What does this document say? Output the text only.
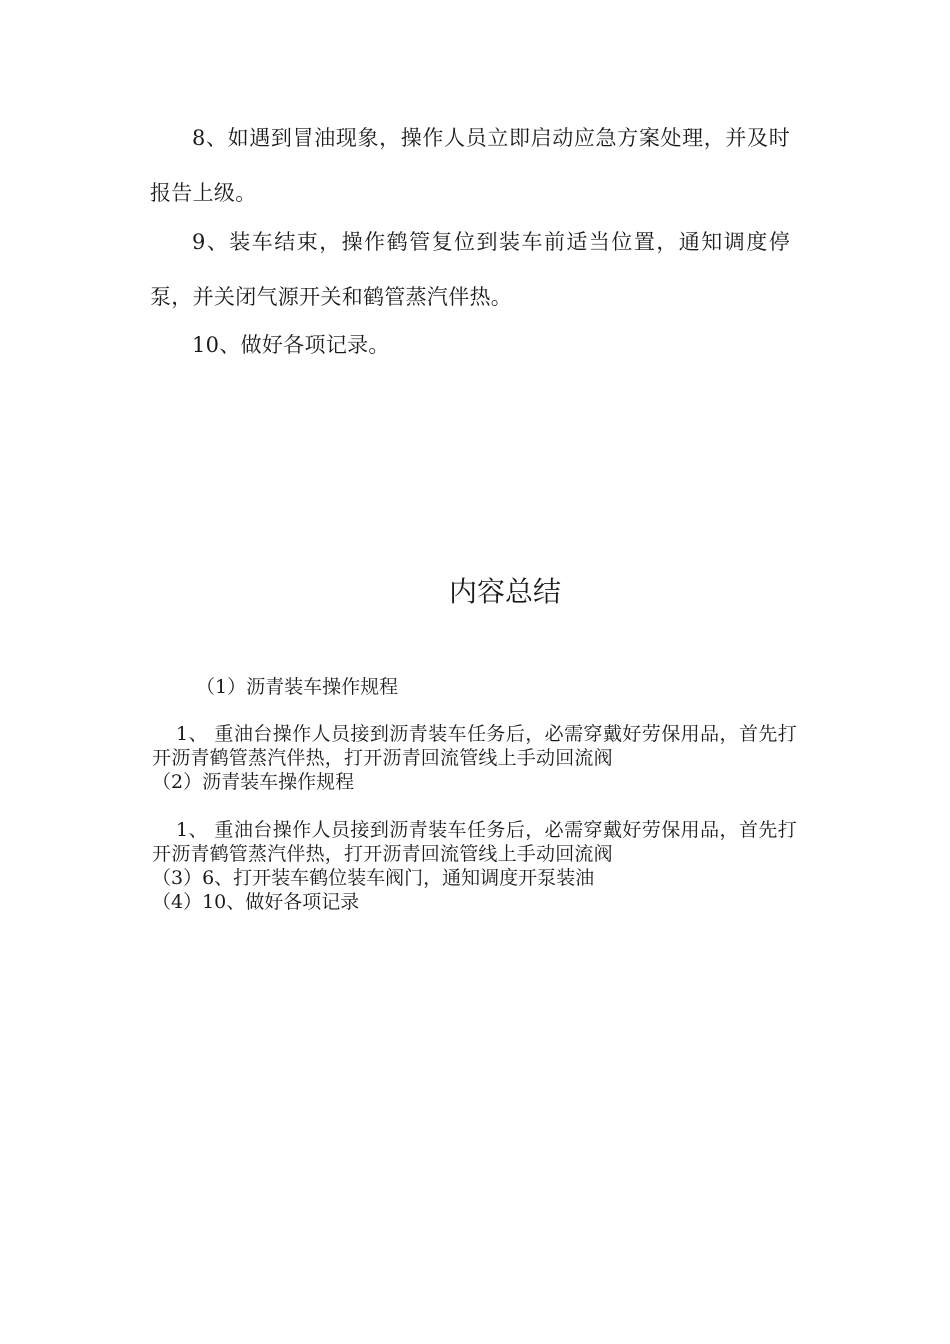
8、如遇到冒油现象，操作人员立即启动应急方案处理，并及时报告上级。

9、装车结束，操作鹤管复位到装车前适当位置，通知调度停泵，并关闭气源开关和鹤管蒸汽伴热。

10、做好各项记录。

内容总结

（1）沥青装车操作规程

1、 重油台操作人员接到沥青装车任务后，必需穿戴好劳保用品，首先打开沥青鹤管蒸汽伴热，打开沥青回流管线上手动回流阀

（2）沥青装车操作规程

1、 重油台操作人员接到沥青装车任务后，必需穿戴好劳保用品，首先打开沥青鹤管蒸汽伴热，打开沥青回流管线上手动回流阀

（3）6、打开装车鹤位装车阀门，通知调度开泵装油

（4）10、做好各项记录
